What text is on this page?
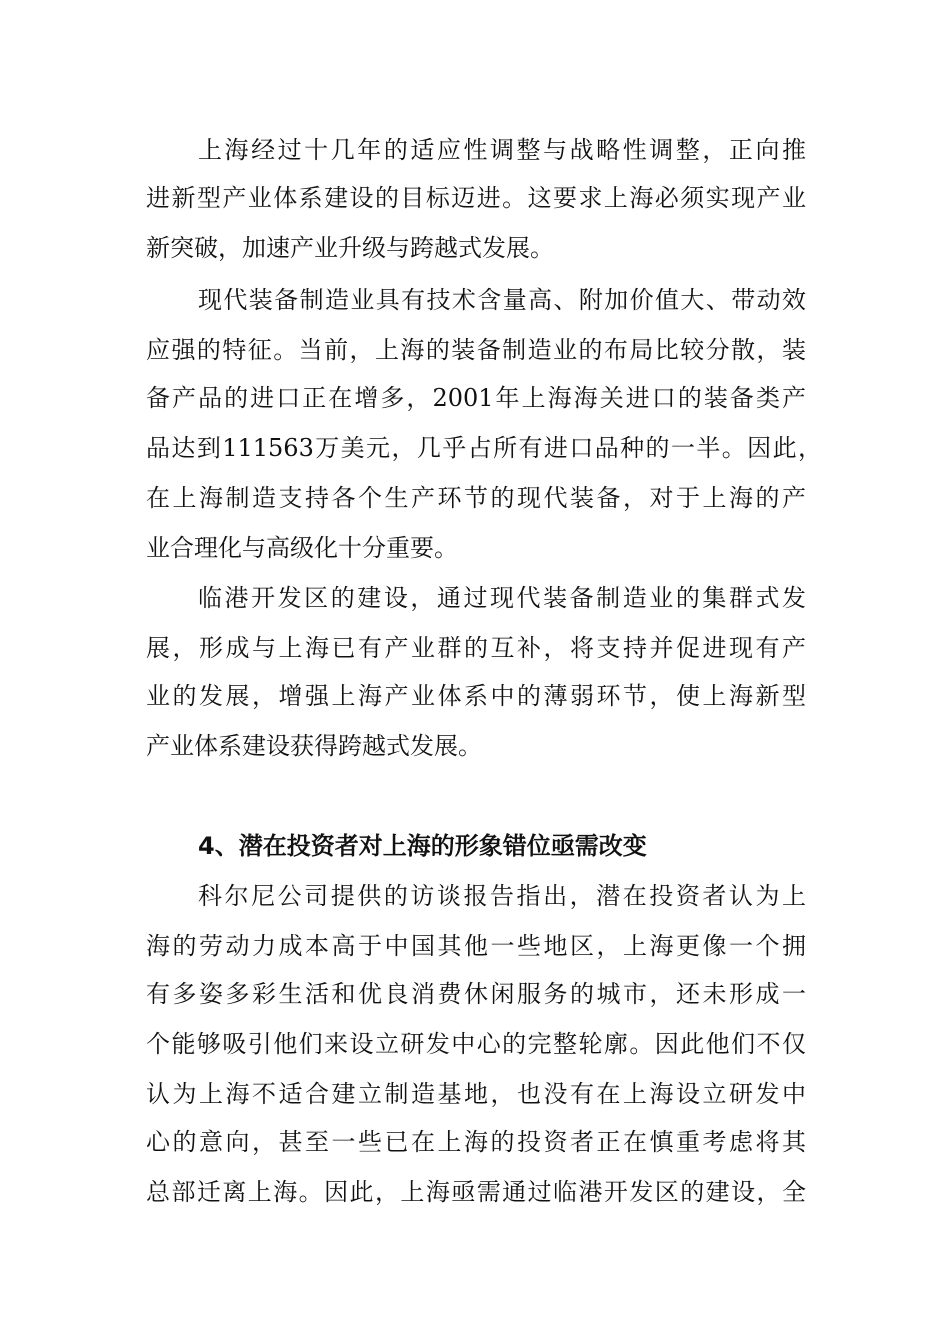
上海经过十几年的适应性调整与战略性调整，正向推
进新型产业体系建设的目标迈进。这要求上海必须实现产业
新突破，加速产业升级与跨越式发展。
现代装备制造业具有技术含量高、附加价值大、带动效
应强的特征。当前，上海的装备制造业的布局比较分散，装
备产品的进口正在增多，2001年上海海关进口的装备类产
品达到111563万美元，几乎占所有进口品种的一半。因此，
在上海制造支持各个生产环节的现代装备，对于上海的产
业合理化与高级化十分重要。
临港开发区的建设，通过现代装备制造业的集群式发
展，形成与上海已有产业群的互补，将支持并促进现有产
业的发展，增强上海产业体系中的薄弱环节，使上海新型
产业体系建设获得跨越式发展。
4、潜在投资者对上海的形象错位亟需改变
科尔尼公司提供的访谈报告指出，潜在投资者认为上
海的劳动力成本高于中国其他一些地区，上海更像一个拥
有多姿多彩生活和优良消费休闲服务的城市，还未形成一
个能够吸引他们来设立研发中心的完整轮廓。因此他们不仅
认为上海不适合建立制造基地，也没有在上海设立研发中
心的意向，甚至一些已在上海的投资者正在慎重考虑将其
总部迁离上海。因此，上海亟需通过临港开发区的建设，全
